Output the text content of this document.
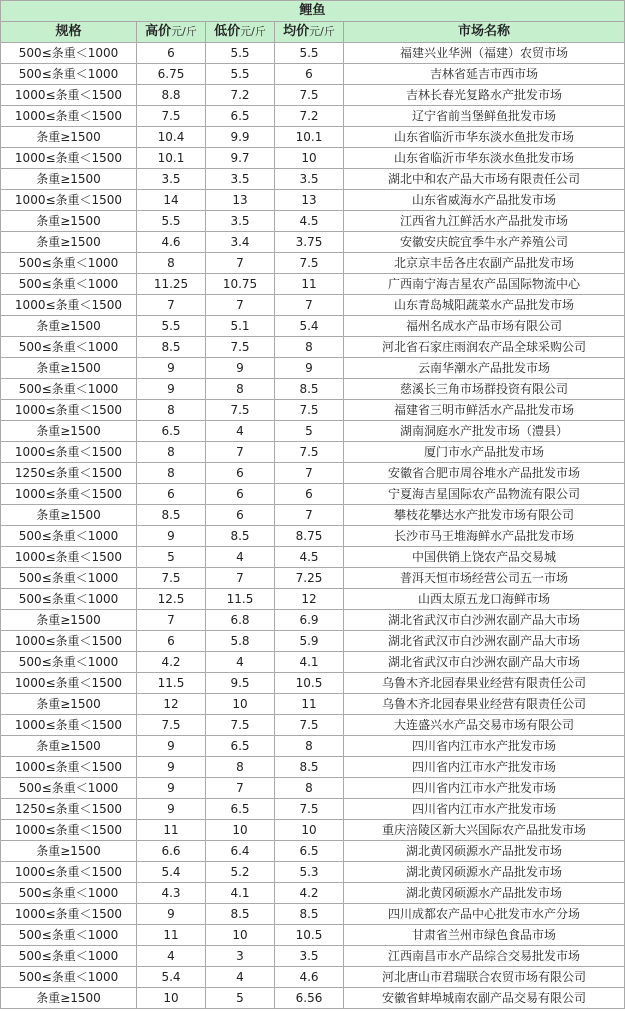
鲤鱼				
规格	高价元/斤	低价元/斤	均价元/斤	市场名称
500≤条重＜1000	6	5.5	5.5	福建兴业华洲（福建）农贸市场
500≤条重＜1000	6.75	5.5	6	吉林省延吉市西市场
1000≤条重＜1500	8.8	7.2	7.5	吉林长春光复路水产批发市场
1000≤条重＜1500	7.5	6.5	7.2	辽宁省前当堡鲜鱼批发市场
条重≥1500	10.4	9.9	10.1	山东省临沂市华东淡水鱼批发市场
1000≤条重＜1500	10.1	9.7	10	山东省临沂市华东淡水鱼批发市场
条重≥1500	3.5	3.5	3.5	湖北中和农产品大市场有限责任公司
1000≤条重＜1500	14	13	13	山东省威海水产品批发市场
条重≥1500	5.5	3.5	4.5	江西省九江鲜活水产品批发市场
条重≥1500	4.6	3.4	3.75	安徽安庆皖宜季牛水产养殖公司
500≤条重＜1000	8	7	7.5	北京京丰岳各庄农副产品批发市场
500≤条重＜1000	11.25	10.75	11	广西南宁海吉星农产品国际物流中心
1000≤条重＜1500	7	7	7	山东青岛城阳蔬菜水产品批发市场
条重≥1500	5.5	5.1	5.4	福州名成水产品市场有限公司
500≤条重＜1000	8.5	7.5	8	河北省石家庄雨润农产品全球采购公司
条重≥1500	9	9	9	云南华潮水产品批发市场
500≤条重＜1000	9	8	8.5	慈溪长三角市场群投资有限公司
1000≤条重＜1500	8	7.5	7.5	福建省三明市鲜活水产品批发市场
条重≥1500	6.5	4	5	湖南洞庭水产批发市场（澧县）
1000≤条重＜1500	8	7	7.5	厦门市水产品批发市场
1250≤条重＜1500	8	6	7	安徽省合肥市周谷堆水产品批发市场
1000≤条重＜1500	6	6	6	宁夏海吉星国际农产品物流有限公司
条重≥1500	8.5	6	7	攀枝花攀达水产批发市场有限公司
500≤条重＜1000	9	8.5	8.75	长沙市马王堆海鲜水产品批发市场
1000≤条重＜1500	5	4	4.5	中国供销上饶农产品交易城
500≤条重＜1000	7.5	7	7.25	普洱天恒市场经营公司五一市场
500≤条重＜1000	12.5	11.5	12	山西太原五龙口海鲜市场
条重≥1500	7	6.8	6.9	湖北省武汉市白沙洲农副产品大市场
1000≤条重＜1500	6	5.8	5.9	湖北省武汉市白沙洲农副产品大市场
500≤条重＜1000	4.2	4	4.1	湖北省武汉市白沙洲农副产品大市场
1000≤条重＜1500	11.5	9.5	10.5	乌鲁木齐北园春果业经营有限责任公司
条重≥1500	12	10	11	乌鲁木齐北园春果业经营有限责任公司
1000≤条重＜1500	7.5	7.5	7.5	大连盛兴水产品交易市场有限公司
条重≥1500	9	6.5	8	四川省内江市水产批发市场
1000≤条重＜1500	9	8	8.5	四川省内江市水产批发市场
500≤条重＜1000	9	7	8	四川省内江市水产批发市场
1250≤条重＜1500	9	6.5	7.5	四川省内江市水产批发市场
1000≤条重＜1500	11	10	10	重庆涪陵区新大兴国际农产品批发市场
条重≥1500	6.6	6.4	6.5	湖北黄冈硕源水产品批发市场
1000≤条重＜1500	5.4	5.2	5.3	湖北黄冈硕源水产品批发市场
500≤条重＜1000	4.3	4.1	4.2	湖北黄冈硕源水产品批发市场
1000≤条重＜1500	9	8.5	8.5	四川成都农产品中心批发市水产分场
500≤条重＜1000	11	10	10.5	甘肃省兰州市绿色食品市场
500≤条重＜1000	4	3	3.5	江西南昌市水产品综合交易批发市场
500≤条重＜1000	5.4	4	4.6	河北唐山市君瑞联合农贸市场有限公司
条重≥1500	10	5	6.56	安徽省蚌埠城南农副产品交易有限公司
